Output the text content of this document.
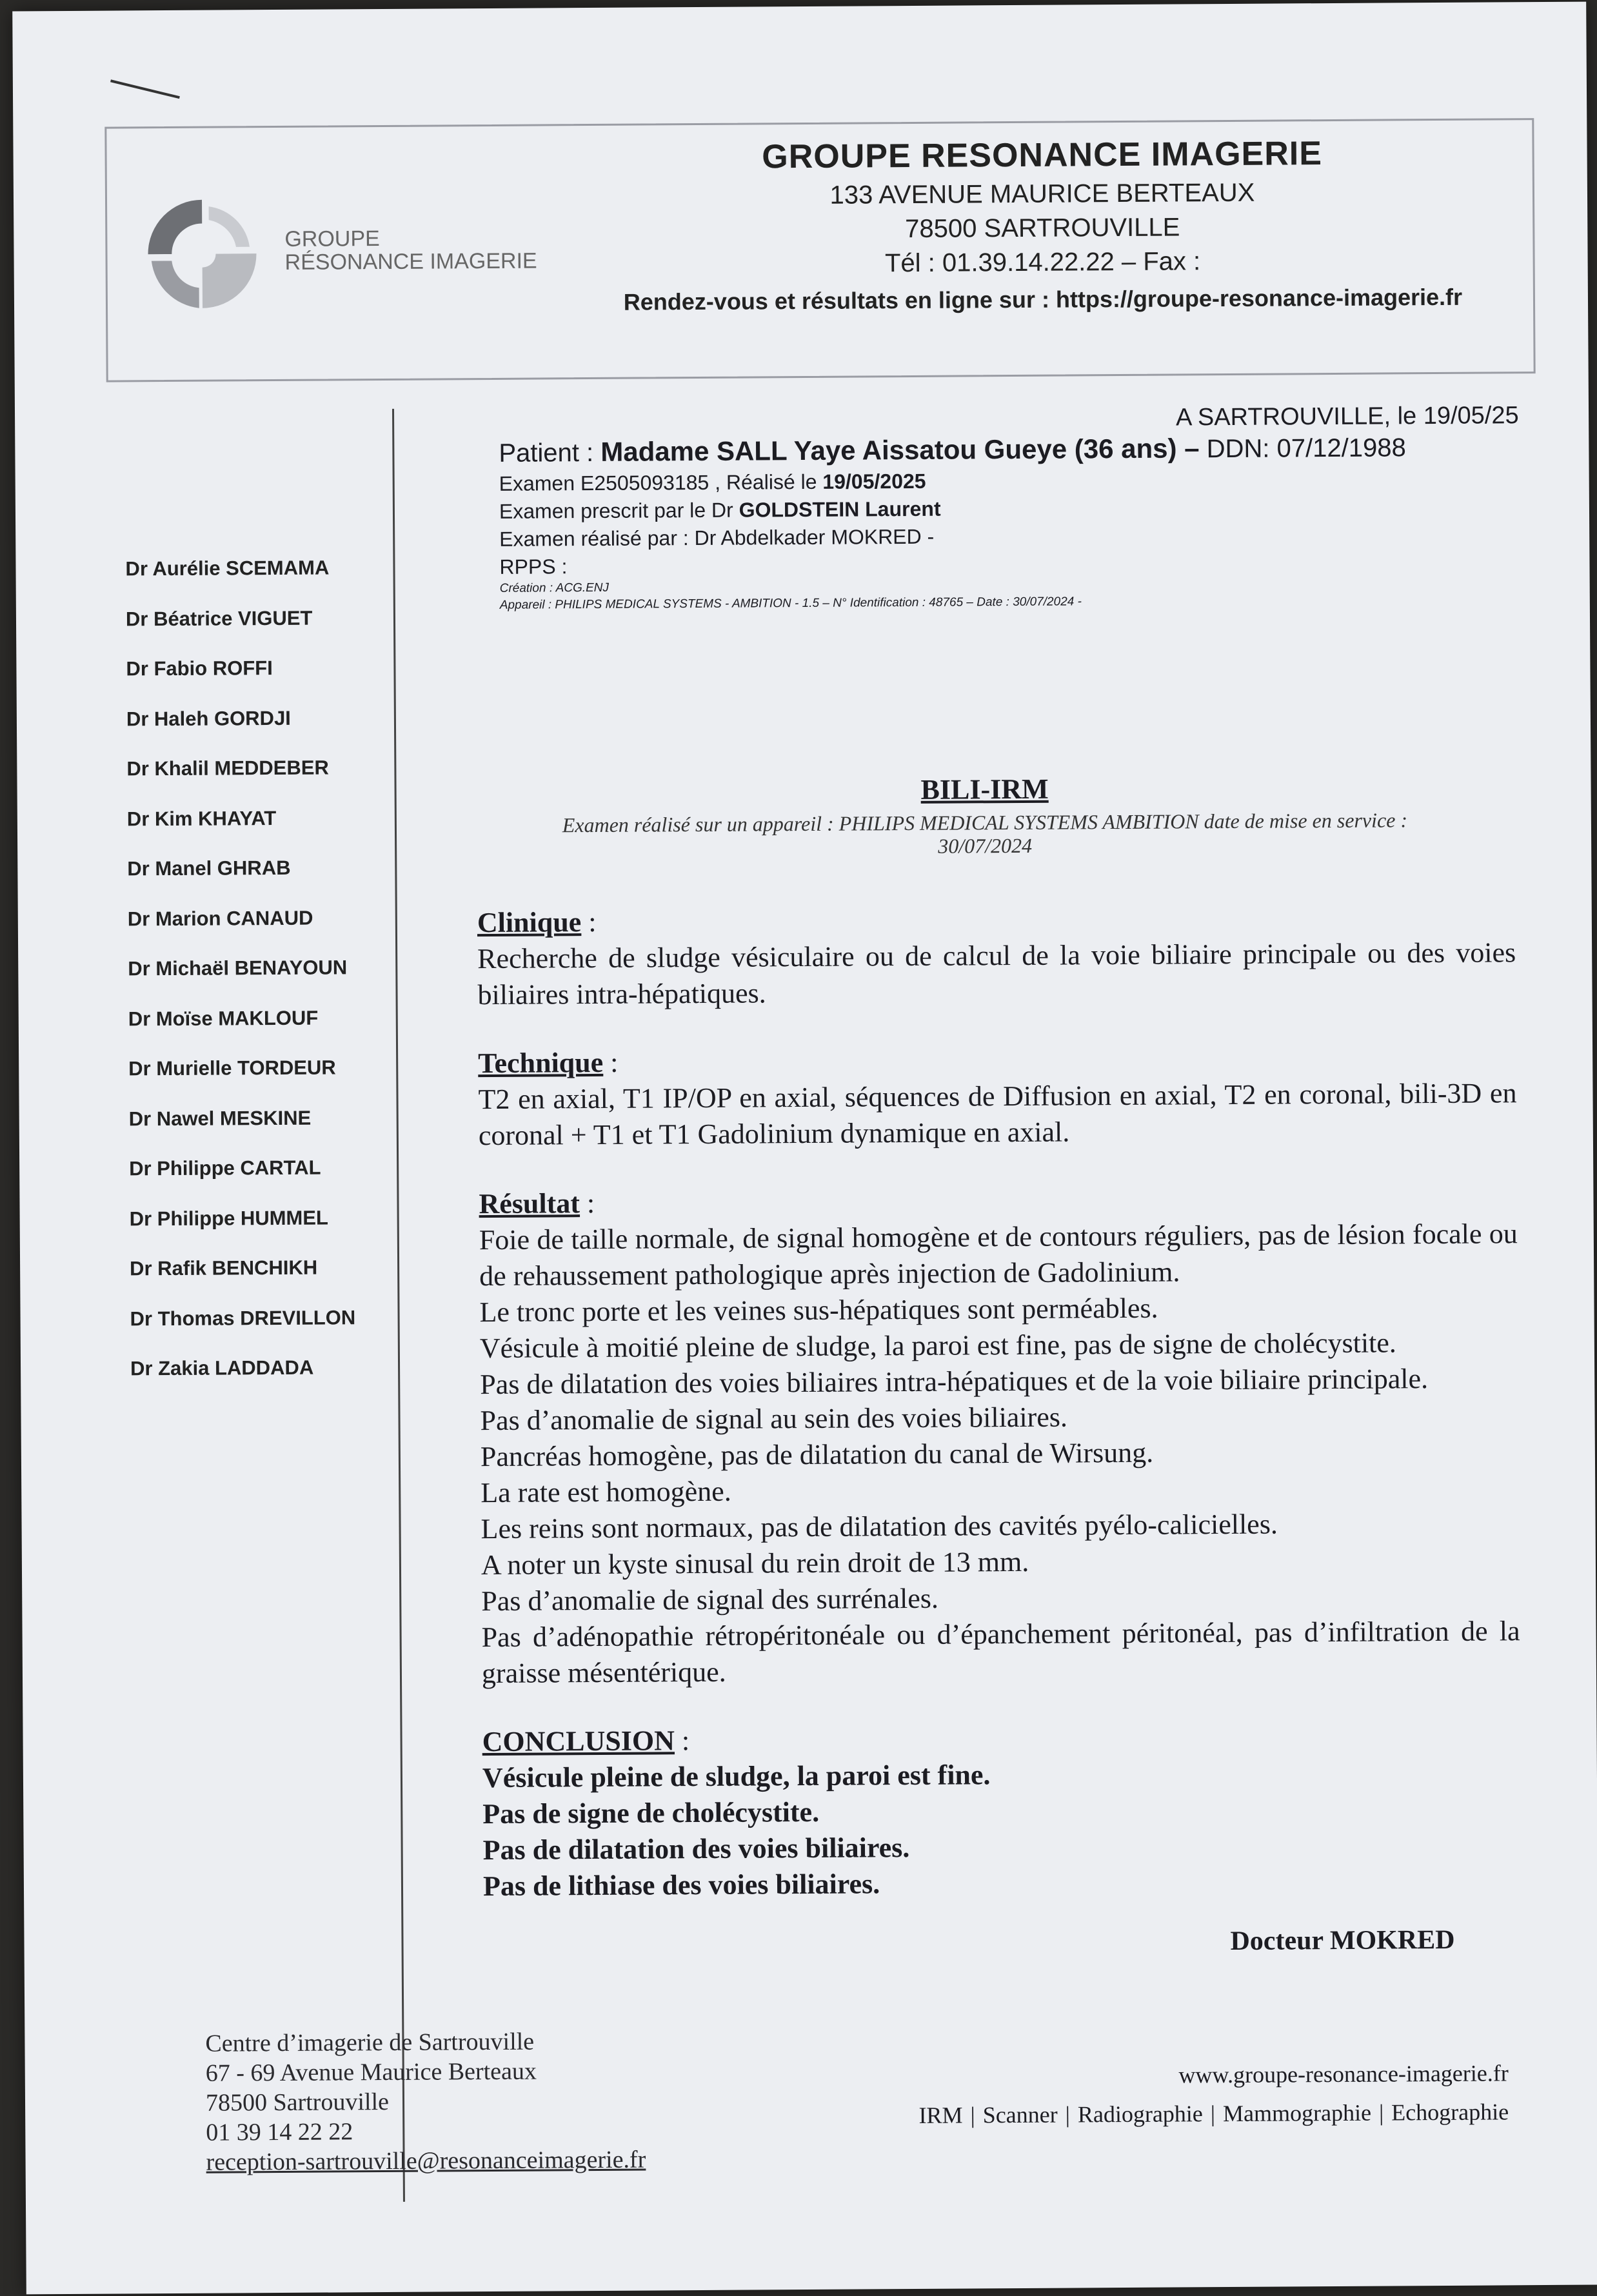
GROUPE
RÉSONANCE IMAGERIE
GROUPE RESONANCE IMAGERIE
133 AVENUE MAURICE BERTEAUX
78500 SARTROUVILLE
Tél : 01.39.14.22.22 – Fax :
Rendez-vous et résultats en ligne sur : https://groupe-resonance-imagerie.fr
Dr Aurélie SCEMAMA
Dr Béatrice VIGUET
Dr Fabio ROFFI
Dr Haleh GORDJI
Dr Khalil MEDDEBER
Dr Kim KHAYAT
Dr Manel GHRAB
Dr Marion CANAUD
Dr Michaël BENAYOUN
Dr Moïse MAKLOUF
Dr Murielle TORDEUR
Dr Nawel MESKINE
Dr Philippe CARTAL
Dr Philippe HUMMEL
Dr Rafik BENCHIKH
Dr Thomas DREVILLON
Dr Zakia LADDADA
A SARTROUVILLE, le 19/05/25
Patient : Madame SALL Yaye Aissatou Gueye (36 ans) – DDN: 07/12/1988
Examen E2505093185 , Réalisé le 19/05/2025
Examen prescrit par le Dr GOLDSTEIN Laurent
Examen réalisé par : Dr Abdelkader MOKRED -
RPPS :
Création : ACG.ENJ
Appareil : PHILIPS MEDICAL SYSTEMS - AMBITION - 1.5 – N° Identification : 48765 – Date : 30/07/2024 -
BILI-IRM
Examen réalisé sur un appareil : PHILIPS MEDICAL SYSTEMS AMBITION date de mise en service :
30/07/2024
Clinique :

Recherche de sludge vésiculaire ou de calcul de la voie biliaire principale ou des voies biliaires intra-hépatiques.

Technique :

T2 en axial, T1 IP/OP en axial, séquences de Diffusion en axial, T2 en coronal, bili-3D en coronal + T1 et T1 Gadolinium dynamique en axial.

Résultat :

Foie de taille normale, de signal homogène et de contours réguliers, pas de lésion focale ou de rehaussement pathologique après injection de Gadolinium.

Le tronc porte et les veines sus-hépatiques sont perméables.

Vésicule à moitié pleine de sludge, la paroi est fine, pas de signe de cholécystite.

Pas de dilatation des voies biliaires intra-hépatiques et de la voie biliaire principale.

Pas d’anomalie de signal au sein des voies biliaires.

Pancréas homogène, pas de dilatation du canal de Wirsung.

La rate est homogène.

Les reins sont normaux, pas de dilatation des cavités pyélo-calicielles.

A noter un kyste sinusal du rein droit de 13 mm.

Pas d’anomalie de signal des surrénales.

Pas d’adénopathie rétropéritonéale ou d’épanchement péritonéal, pas d’infiltration de la graisse mésentérique.

CONCLUSION :

Vésicule pleine de sludge, la paroi est fine.

Pas de signe de cholécystite.

Pas de dilatation des voies biliaires.

Pas de lithiase des voies biliaires.

Docteur MOKRED
Centre d’imagerie de Sartrouville
67 - 69 Avenue Maurice Berteaux
78500 Sartrouville
01 39 14 22 22
reception-sartrouville@resonanceimagerie.fr
www.groupe-resonance-imagerie.fr
IRM | Scanner | Radiographie | Mammographie | Echographie
